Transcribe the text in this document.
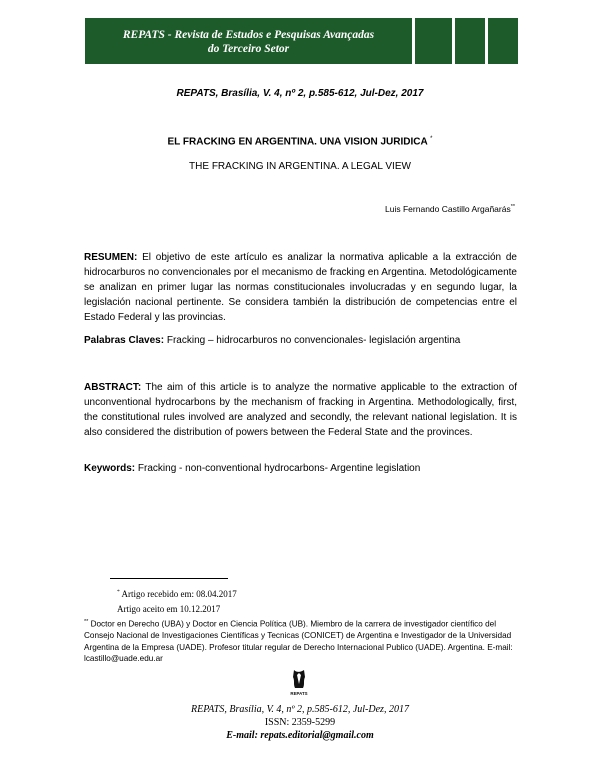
REPATS - Revista de Estudos e Pesquisas Avançadas
do Terceiro Setor
REPATS, Brasília, V. 4, nº 2, p.585-612, Jul-Dez, 2017
EL FRACKING EN ARGENTINA. UNA VISION JURIDICA *
THE FRACKING IN ARGENTINA. A LEGAL VIEW
Luis Fernando Castillo Argañarás**
RESUMEN: El objetivo de este artículo es analizar la normativa aplicable a la extracción de hidrocarburos no convencionales por el mecanismo de fracking en Argentina. Metodológicamente se analizan en primer lugar las normas constitucionales involucradas y en segundo lugar, la legislación nacional pertinente. Se considera también la distribución de competencias entre el Estado Federal y las provincias.
Palabras Claves: Fracking – hidrocarburos no convencionales- legislación argentina
ABSTRACT: The aim of this article is to analyze the normative applicable to the extraction of unconventional hydrocarbons by the mechanism of fracking in Argentina. Methodologically, first, the constitutional rules involved are analyzed and secondly, the relevant national legislation. It is also considered the distribution of powers between the Federal State and the provinces.
Keywords: Fracking - non-conventional hydrocarbons- Argentine legislation
* Artigo recebido em: 08.04.2017
Artigo aceito em 10.12.2017
** Doctor en Derecho (UBA) y Doctor en Ciencia Política (UB). Miembro de la carrera de investigador científico del Consejo Nacional de Investigaciones Científicas y Tecnicas (CONICET) de Argentina e Investigador de la Universidad Argentina de la Empresa (UADE). Profesor titular regular de Derecho Internacional Publico (UADE). Argentina. E-mail: lcastillo@uade.edu.ar
REPATS
REPATS, Brasília, V. 4, nº 2, p.585-612, Jul-Dez, 2017
ISSN: 2359-5299
E-mail: repats.editorial@gmail.com
